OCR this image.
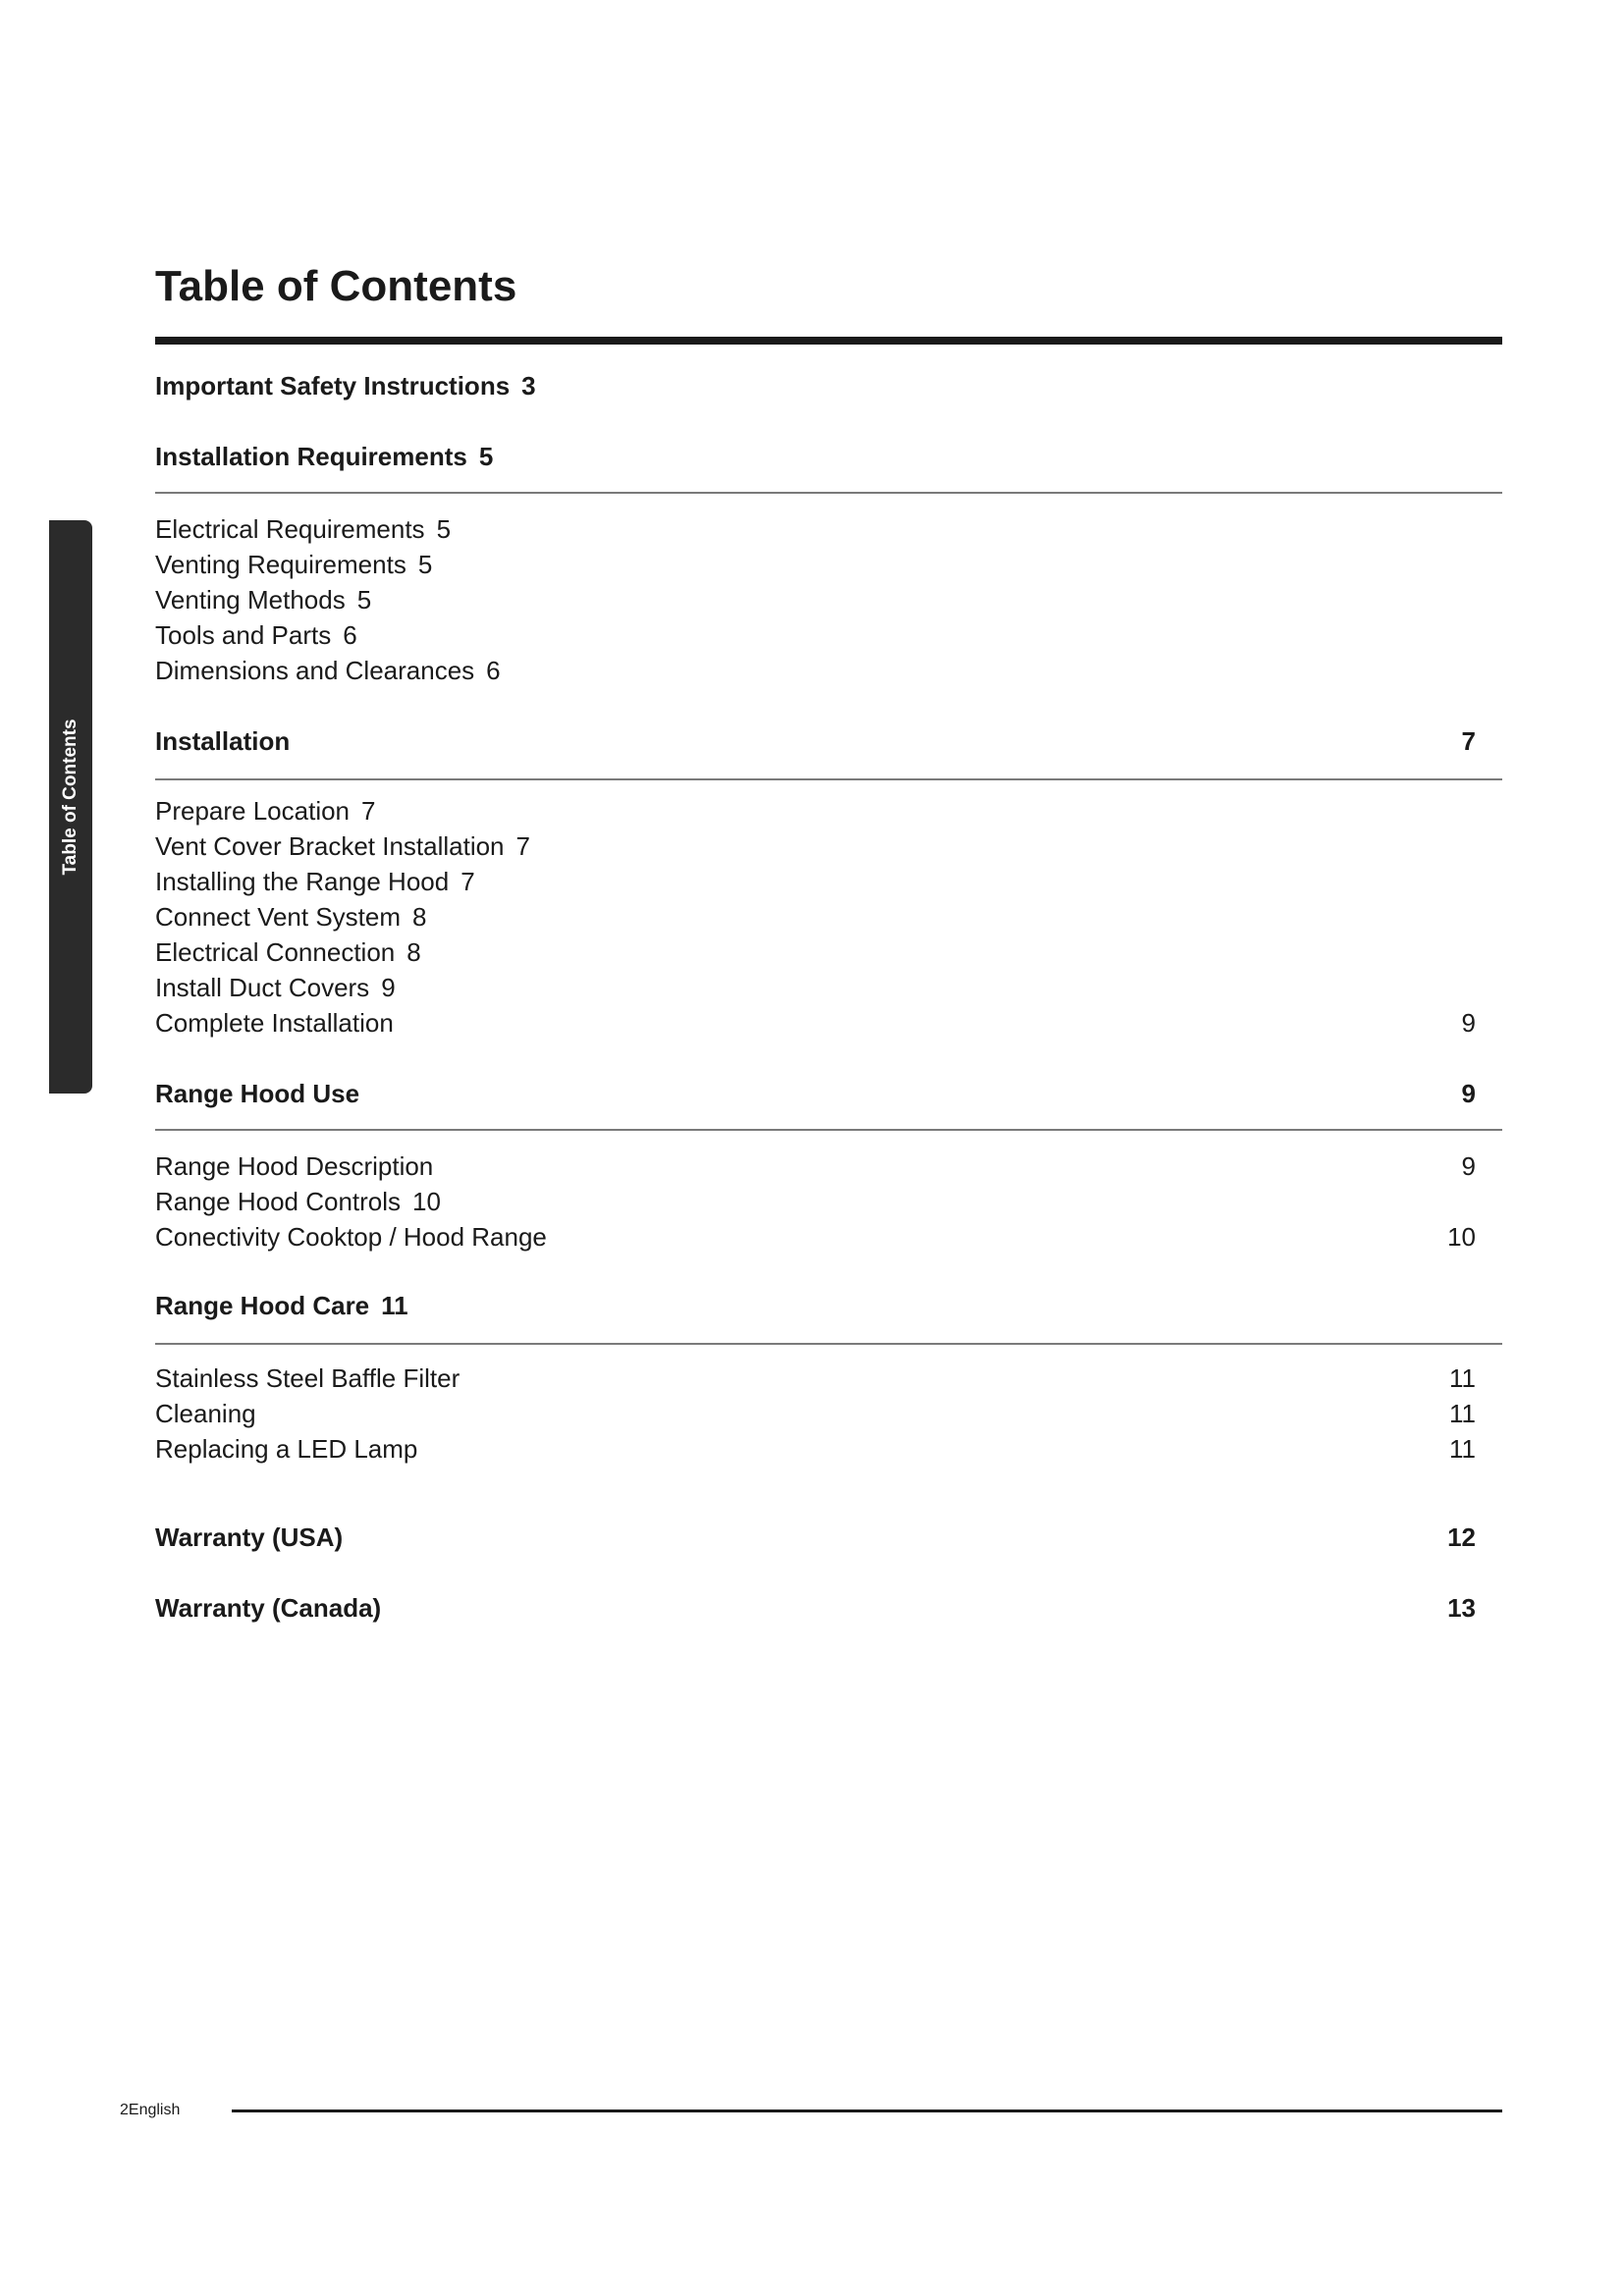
Table of Contents
Table of Contents
Important Safety Instructions 3
Installation Requirements 5
Electrical Requirements 5
Venting Requirements 5
Venting Methods 5
Tools and Parts 6
Dimensions and Clearances 6
Installation	7
Prepare Location 7
Vent Cover Bracket Installation 7
Installing the Range Hood 7
Connect Vent System 8
Electrical Connection 8
Install Duct Covers 9
Complete Installation	9
Range Hood Use	9
Range Hood Description	9
Range Hood Controls 10
Conectivity Cooktop / Hood Range	10
Range Hood Care 11
Stainless Steel Baffle Filter	11
Cleaning	11
Replacing a LED Lamp	11
Warranty (USA)	12
Warranty (Canada)	13
2English
